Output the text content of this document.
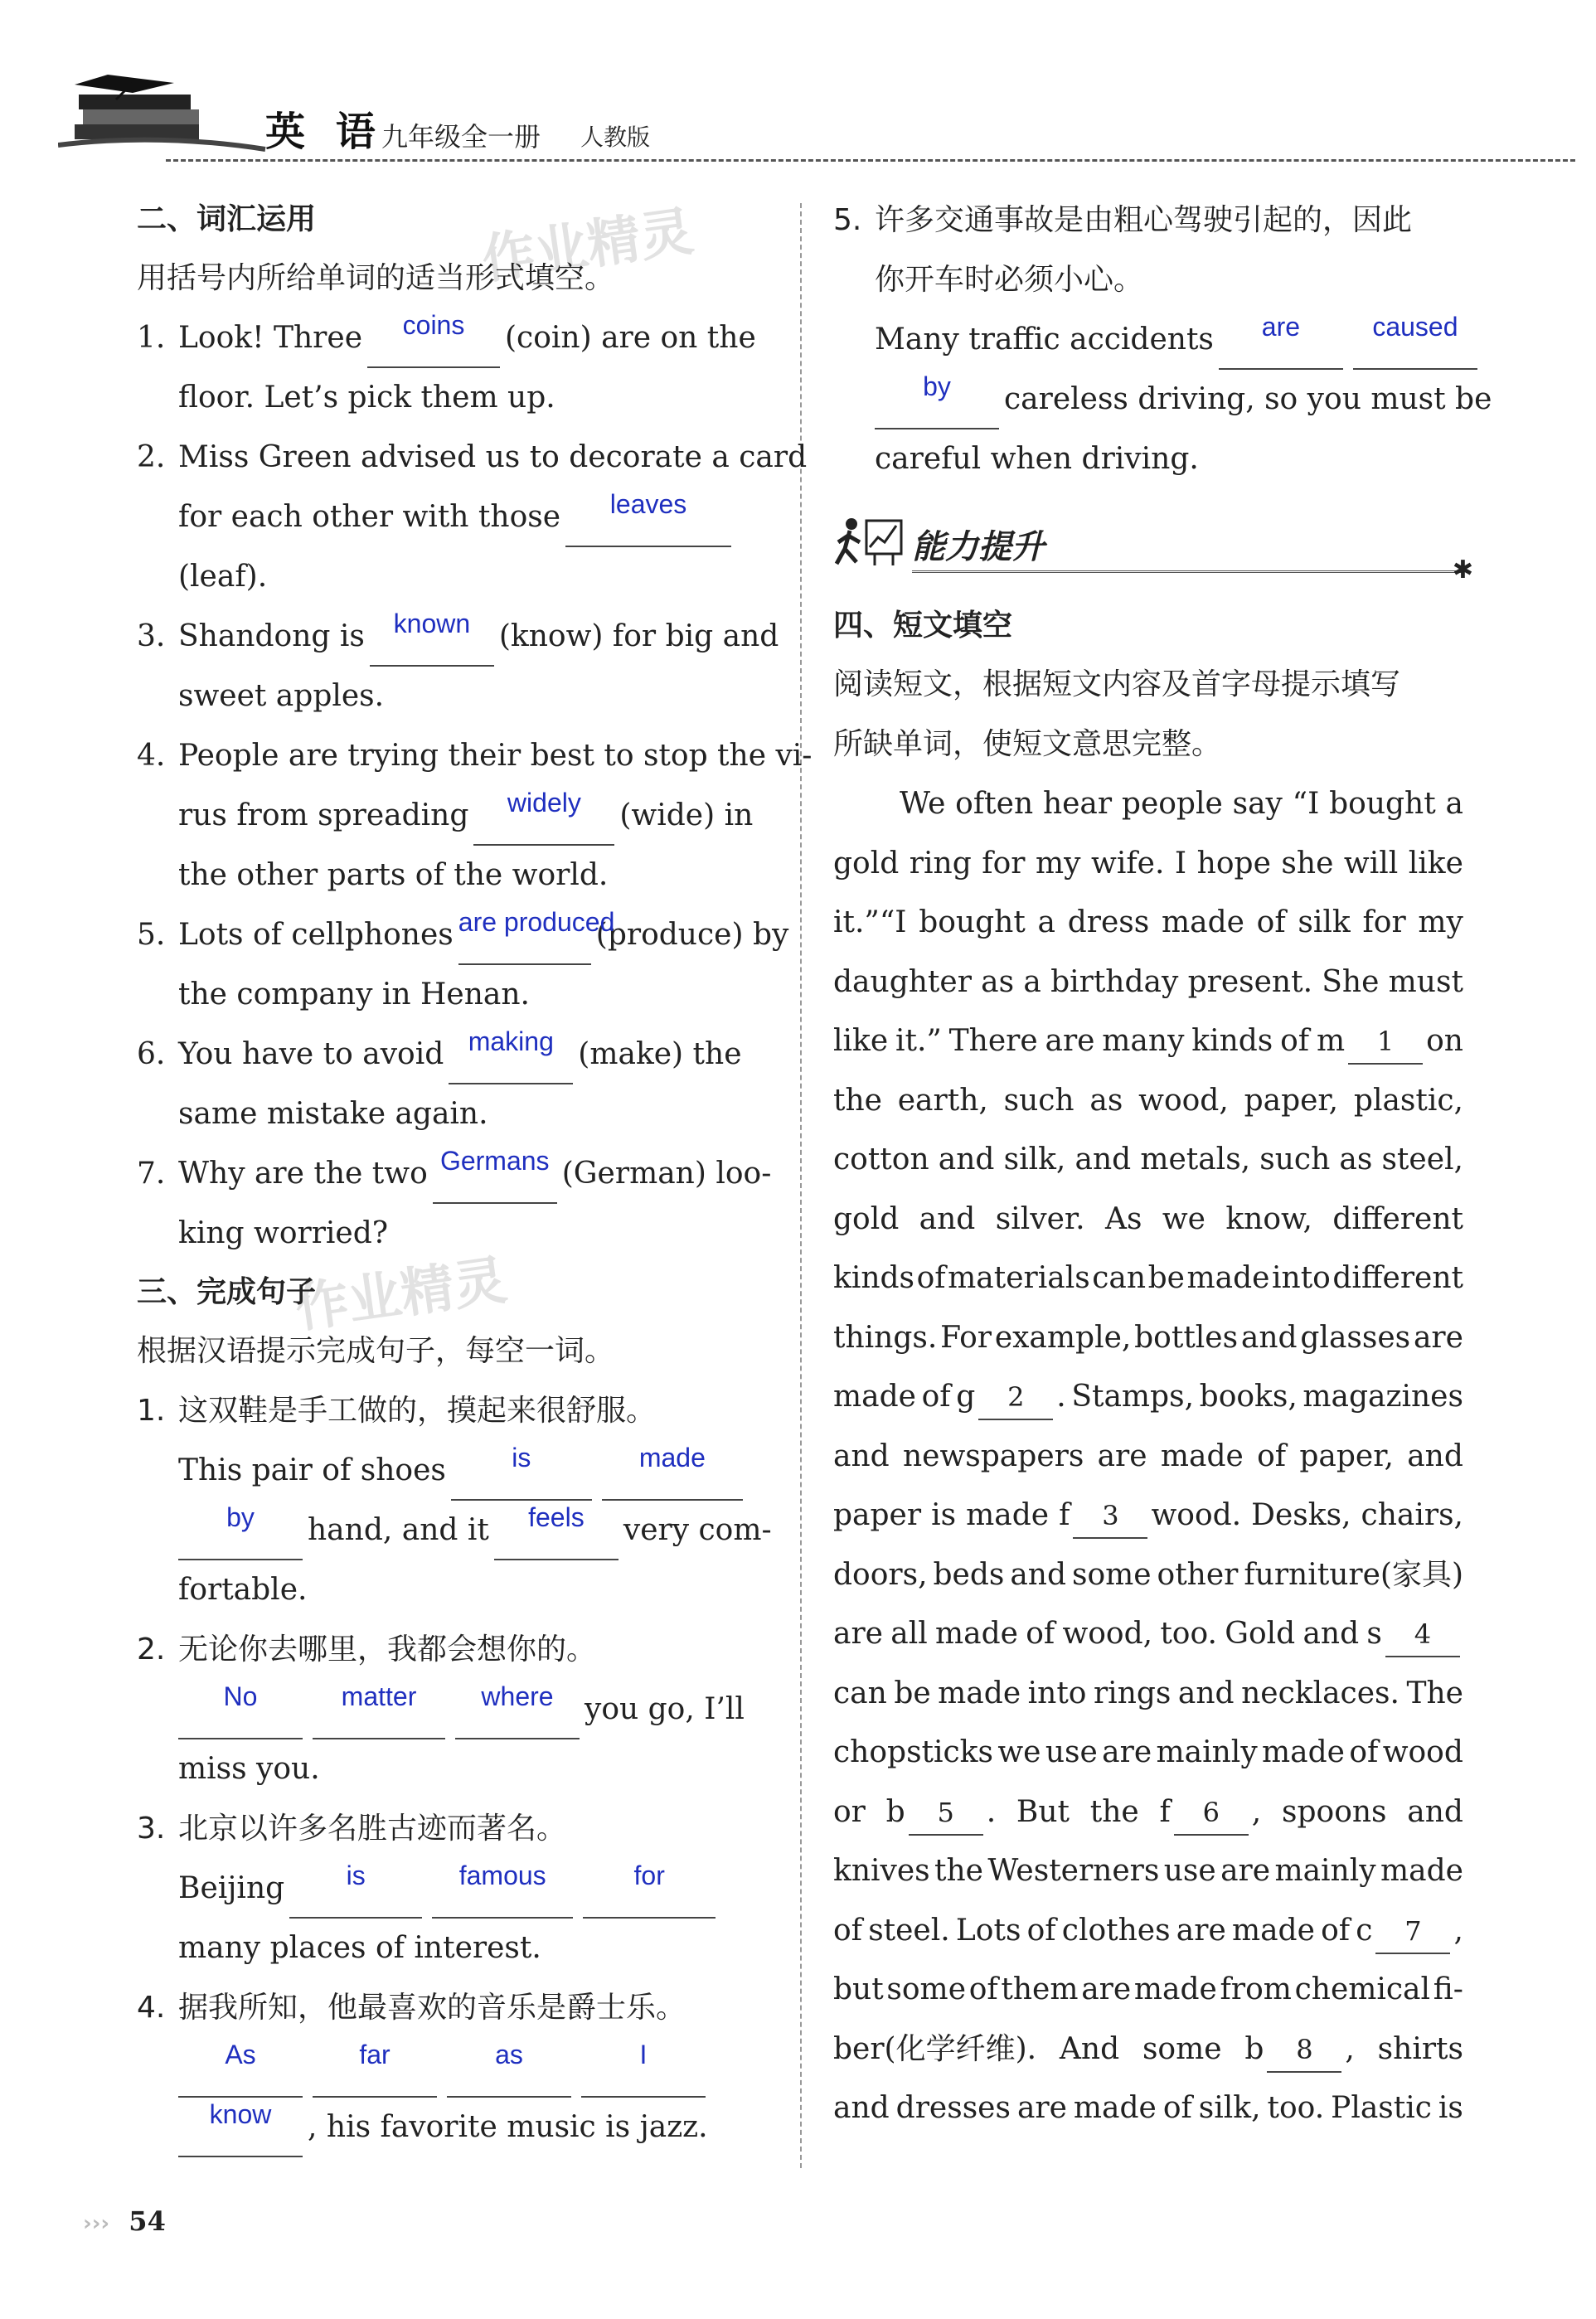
英 语
九年级全一册 人教版
作业精灵
作业精灵
二、词汇运用
用括号内所给单词的适当形式填空。
1. Look! Three	coins	(coin) are on the
floor. Let’s pick them up.
2. Miss Green advised us to decorate a card
for each other with those	leaves
(leaf).
3. Shandong is	known (know) for big and
sweet apples.
4. People are trying their best to stop the vi-
rus from spreading	widely	(wide) in
the other parts of the world.
5. Lots of cellphones are produced
(produce) by
the company in Henan.
6. You have to avoid making (make) the
same mistake again.
7. Why are the two Germans (German) loo-
king worried?
三、完成句子
根据汉语提示完成句子，每空一词。
1. 这双鞋是手工做的，摸起来很舒服。
This pair of shoes	is	made
by	hand, and it	feels	very com-
fortable.
2. 无论你去哪里，我都会想你的。
No	matter	where	you go, I’ll
miss you.
3. 北京以许多名胜古迹而著名。
Beijing	is	famous	for
many places of interest.
4. 据我所知，他最喜欢的音乐是爵士乐。
As	far	as	I
know	, his favorite music is jazz.
5. 许多交通事故是由粗心驾驶引起的，因此
你开车时必须小心。
Many traffic accidents	are	caused
by	careless driving, so you must be
careful when driving.
能力提升
✱
四、短文填空
阅读短文，根据短文内容及首字母提示填写
所缺单词，使短文意思完整。
We often hear people say “I bought a
gold ring for my wife. I hope she will like
it.”“I bought a dress made of silk for my
daughter as a birthday present. She must
like it.” There are many kinds of m 1 on
the earth, such as wood, paper, plastic,
cotton and silk, and metals, such as steel,
gold and silver. As we know, different
kinds of materials can be made into different
things. For example, bottles and glasses are
made of g 2 . Stamps, books, magazines
and newspapers are made of paper, and
paper is made f 3 wood. Desks, chairs,
doors, beds and some other furniture(家具)
are all made of wood, too. Gold and s 4
can be made into rings and necklaces. The
chopsticks we use are mainly made of wood
or b 5 . But the f 6 , spoons and
knives the Westerners use are mainly made
of steel. Lots of clothes are made of c 7 ,
but some of them are made from chemical fi-
ber(化学纤维). And some b 8 , shirts
and dresses are made of silk, too. Plastic is
››› 54
